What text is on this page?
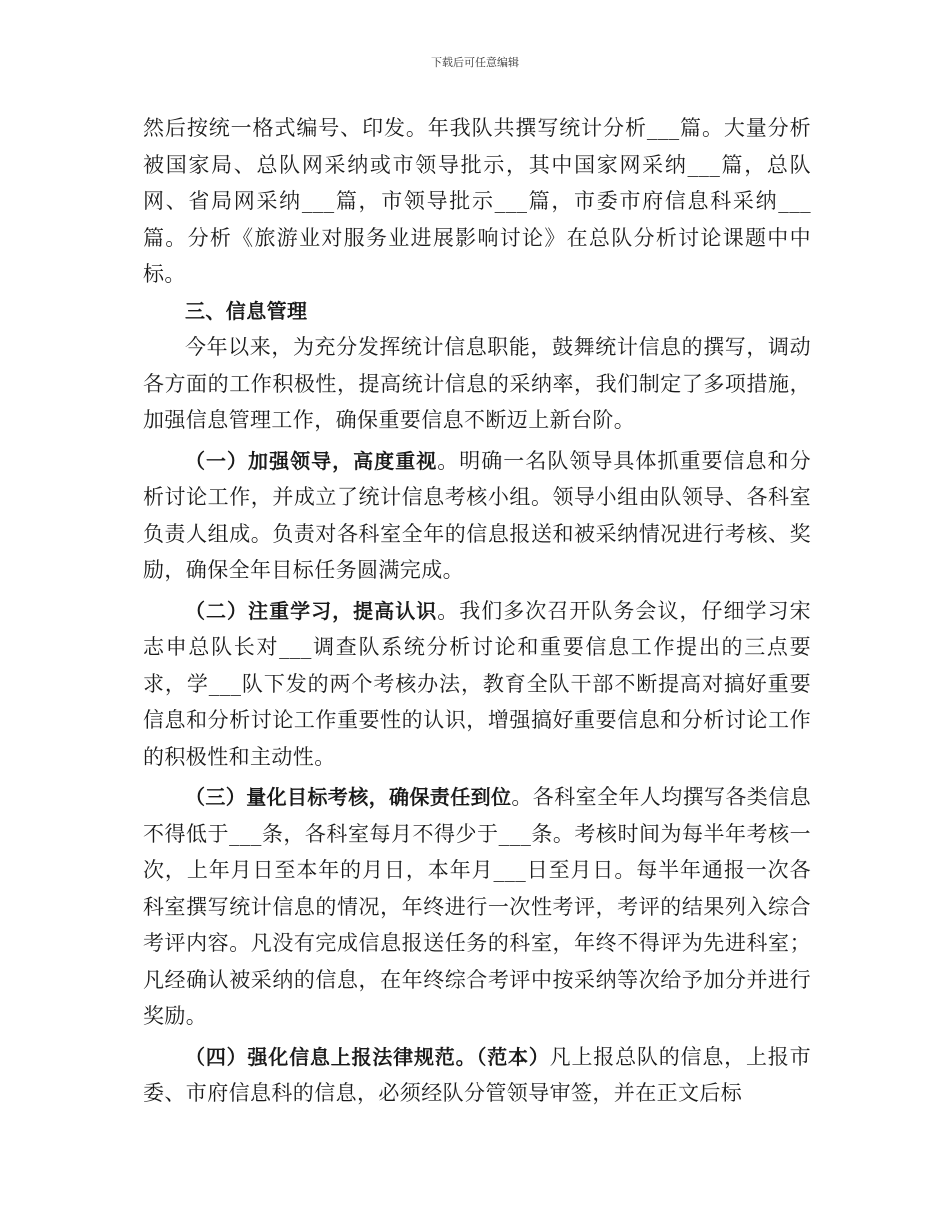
下载后可任意编辑

然后按统一格式编号、印发。年我队共撰写统计分析___篇。大量分析被国家局、总队网采纳或市领导批示，其中国家网采纳___篇，总队网、省局网采纳___篇，市领导批示___篇，市委市府信息科采纳___篇。分析《旅游业对服务业进展影响讨论》在总队分析讨论课题中中标。

三、信息管理

今年以来，为充分发挥统计信息职能，鼓舞统计信息的撰写，调动各方面的工作积极性，提高统计信息的采纳率，我们制定了多项措施，加强信息管理工作，确保重要信息不断迈上新台阶。

（一）加强领导，高度重视。明确一名队领导具体抓重要信息和分析讨论工作，并成立了统计信息考核小组。领导小组由队领导、各科室负责人组成。负责对各科室全年的信息报送和被采纳情况进行考核、奖励，确保全年目标任务圆满完成。

（二）注重学习，提高认识。我们多次召开队务会议，仔细学习宋志申总队长对___调查队系统分析讨论和重要信息工作提出的三点要求，学___队下发的两个考核办法，教育全队干部不断提高对搞好重要信息和分析讨论工作重要性的认识，增强搞好重要信息和分析讨论工作的积极性和主动性。

（三）量化目标考核，确保责任到位。各科室全年人均撰写各类信息不得低于___条，各科室每月不得少于___条。考核时间为每半年考核一次，上年月日至本年的月日，本年月___日至月日。每半年通报一次各科室撰写统计信息的情况，年终进行一次性考评，考评的结果列入综合考评内容。凡没有完成信息报送任务的科室，年终不得评为先进科室；凡经确认被采纳的信息，在年终综合考评中按采纳等次给予加分并进行奖励。

（四）强化信息上报法律规范。（范本）凡上报总队的信息，上报市委、市府信息科的信息，必须经队分管领导审签，并在正文后标
